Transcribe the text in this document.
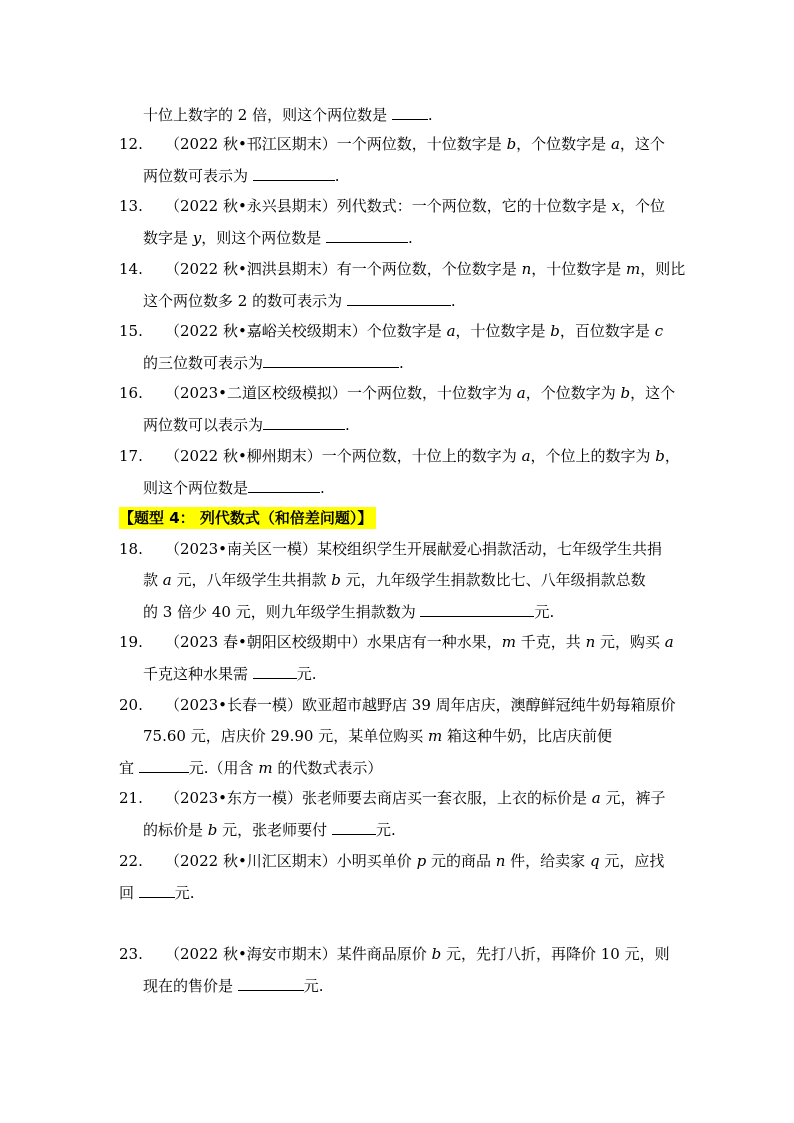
十位上数字的 2 倍，则这个两位数是 .
12. （2022 秋•邗江区期末）一个两位数，十位数字是 b，个位数字是 a，这个
两位数可表示为	.
13. （2022 秋•永兴县期末）列代数式：一个两位数，它的十位数字是 x，个位
数字是 y，则这个两位数是	.
14. （2022 秋•泗洪县期末）有一个两位数，个位数字是 n，十位数字是 m，则比
这个两位数多 2 的数可表示为	.
15. （2022 秋•嘉峪关校级期末）个位数字是 a，十位数字是 b，百位数字是 c
的三位数可表示为	.
16. （2023•二道区校级模拟）一个两位数，十位数字为 a，个位数字为 b，这个
两位数可以表示为	.
17. （2022 秋•柳州期末）一个两位数，十位上的数字为 a，个位上的数字为 b，
则这个两位数是	.
【题型 4： 列代数式（和倍差问题）】
18. （2023•南关区一模）某校组织学生开展献爱心捐款活动，七年级学生共捐
款 a 元，八年级学生共捐款 b 元，九年级学生捐款数比七、八年级捐款总数
的 3 倍少 40 元，则九年级学生捐款数为	元.
19. （2023 春•朝阳区校级期中）水果店有一种水果，m 千克，共 n 元，购买 a
千克这种水果需	元.
20. （2023•长春一模）欧亚超市越野店 39 周年店庆，澳醇鲜冠纯牛奶每箱原价
75.60 元，店庆价 29.90 元，某单位购买 m 箱这种牛奶，比店庆前便
宜	元.（用含 m 的代数式表示）
21. （2023•东方一模）张老师要去商店买一套衣服，上衣的标价是 a 元，裤子
的标价是 b 元，张老师要付	元.
22. （2022 秋•川汇区期末）小明买单价 p 元的商品 n 件，给卖家 q 元，应找
回 元.
23. （2022 秋•海安市期末）某件商品原价 b 元，先打八折，再降价 10 元，则
现在的售价是	元.
